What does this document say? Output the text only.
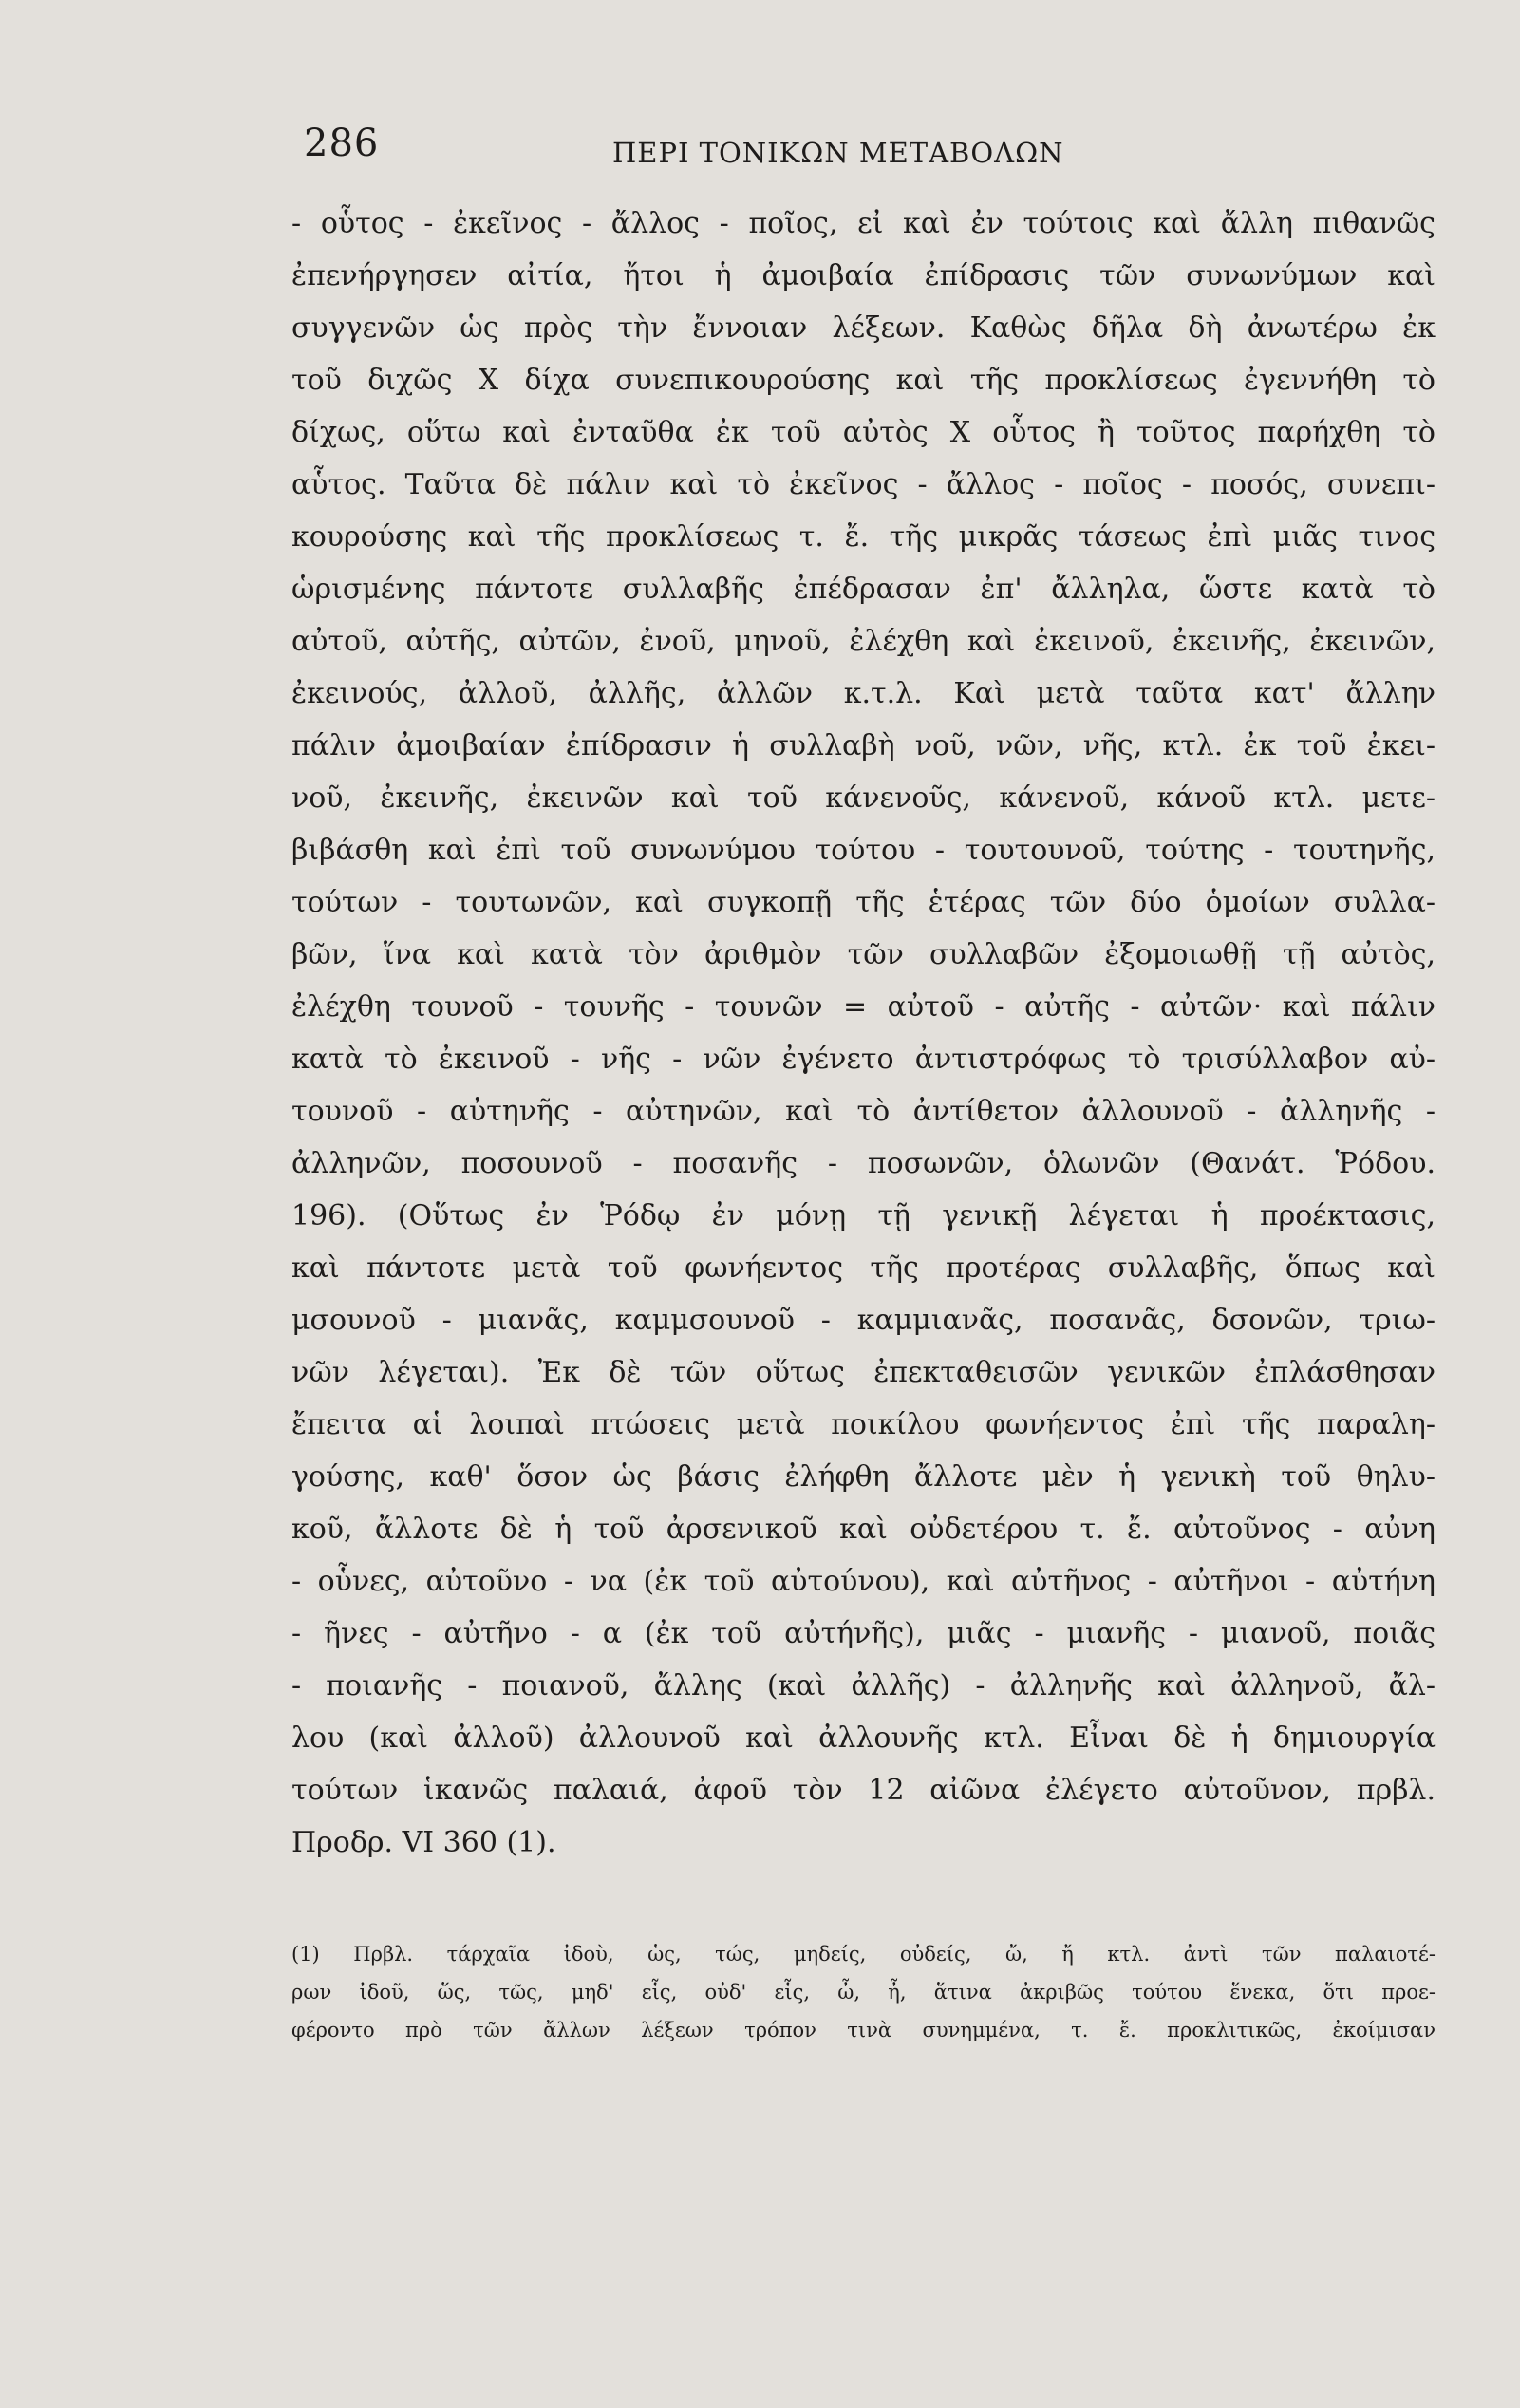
286	ΠΕΡΙ ΤΟΝΙΚΩΝ ΜΕΤΑΒΟΛΩΝ
- οὗτος - ἐκεῖνος - ἄλλος - ποῖος, εἰ καὶ ἐν τούτοις καὶ ἄλλη πιθανῶς
ἐπενήργησεν αἰτία, ἤτοι ἡ ἀμοιβαία ἐπίδρασις τῶν συνωνύμων καὶ
συγγενῶν ὡς πρὸς τὴν ἔννοιαν λέξεων. Καθὼς δῆλα δὴ ἀνωτέρω ἐκ
τοῦ διχῶς X δίχα συνεπικουρούσης καὶ τῆς προκλίσεως ἐγεννήθη τὸ
δίχως, οὕτω καὶ ἐνταῦθα ἐκ τοῦ αὐτὸς X οὗτος ἢ τοῦτος παρήχθη τὸ
αὗτος. Ταῦτα δὲ πάλιν καὶ τὸ ἐκεῖνος - ἄλλος - ποῖος - ποσός, συνεπι-
κουρούσης καὶ τῆς προκλίσεως τ. ἔ. τῆς μικρᾶς τάσεως ἐπὶ μιᾶς τινος
ὡρισμένης πάντοτε συλλαβῆς ἐπέδρασαν ἐπ' ἄλληλα, ὥστε κατὰ τὸ
αὐτοῦ, αὐτῆς, αὐτῶν, ἐνοῦ, μηνοῦ, ἐλέχθη καὶ ἐκεινοῦ, ἐκεινῆς, ἐκεινῶν,
ἐκεινούς, ἀλλοῦ, ἀλλῆς, ἀλλῶν κ.τ.λ. Καὶ μετὰ ταῦτα κατ' ἄλλην
πάλιν ἀμοιβαίαν ἐπίδρασιν ἡ συλλαβὴ νοῦ, νῶν, νῆς, κτλ. ἐκ τοῦ ἐκει-
νοῦ, ἐκεινῆς, ἐκεινῶν καὶ τοῦ κάνενοῦς, κάνενοῦ, κάνοῦ κτλ. μετε-
βιβάσθη καὶ ἐπὶ τοῦ συνωνύμου τούτου - τουτουνοῦ, τούτης - τουτηνῆς,
τούτων - τουτωνῶν, καὶ συγκοπῇ τῆς ἑτέρας τῶν δύο ὁμοίων συλλα-
βῶν, ἵνα καὶ κατὰ τὸν ἀριθμὸν τῶν συλλαβῶν ἐξομοιωθῇ τῇ αὐτὸς,
ἐλέχθη τουνοῦ - τουνῆς - τουνῶν = αὐτοῦ - αὐτῆς - αὐτῶν· καὶ πάλιν
κατὰ τὸ ἐκεινοῦ - νῆς - νῶν ἐγένετο ἀντιστρόφως τὸ τρισύλλαβον αὐ-
τουνοῦ - αὐτηνῆς - αὐτηνῶν, καὶ τὸ ἀντίθετον ἀλλουνοῦ - ἀλληνῆς -
ἀλληνῶν, ποσουνοῦ - ποσανῆς - ποσωνῶν, ὁλωνῶν (Θανάτ. Ῥόδου.
196). (Οὕτως ἐν Ῥόδῳ ἐν μόνῃ τῇ γενικῇ λέγεται ἡ προέκτασις,
καὶ πάντοτε μετὰ τοῦ φωνήεντος τῆς προτέρας συλλαβῆς, ὅπως καὶ
μσουνοῦ - μιανᾶς, καμμσουνοῦ - καμμιανᾶς, ποσανᾶς, δσονῶν, τριω-
νῶν λέγεται). Ἐκ δὲ τῶν οὕτως ἐπεκταθεισῶν γενικῶν ἐπλάσθησαν
ἔπειτα αἱ λοιπαὶ πτώσεις μετὰ ποικίλου φωνήεντος ἐπὶ τῆς παραλη-
γούσης, καθ' ὅσον ὡς βάσις ἐλήφθη ἄλλοτε μὲν ἡ γενικὴ τοῦ θηλυ-
κοῦ, ἄλλοτε δὲ ἡ τοῦ ἀρσενικοῦ καὶ οὐδετέρου τ. ἔ. αὐτοῦνος - αὐνη
- οὗνες, αὐτοῦνο - να (ἐκ τοῦ αὐτούνου), καὶ αὐτῆνος - αὐτῆνοι - αὐτήνη
- ῆνες - αὐτῆνο - α (ἐκ τοῦ αὐτήνῆς), μιᾶς - μιανῆς - μιανοῦ, ποιᾶς
- ποιανῆς - ποιανοῦ, ἄλλης (καὶ ἀλλῆς) - ἀλληνῆς καὶ ἀλληνοῦ, ἄλ-
λου (καὶ ἀλλοῦ) ἀλλουνοῦ καὶ ἀλλουνῆς κτλ. Εἶναι δὲ ἡ δημιουργία
τούτων ἱκανῶς παλαιά, ἀφοῦ τὸν 12 αἰῶνα ἐλέγετο αὐτοῦνον, πρβλ.
Προδρ. VI 360 (1).
(1) Πρβλ. τάρχαῖα ἰδοὺ, ὡς, τώς, μηδείς, οὐδείς, ὤ, ἤ κτλ. ἀντὶ τῶν παλαιοτέ-
ρων ἰδοῦ, ὥς, τῶς, μηδ' εἷς, οὐδ' εἷς, ὦ, ἦ, ἅτινα ἀκριβῶς τούτου ἕνεκα, ὅτι προε-
φέροντο πρὸ τῶν ἄλλων λέξεων τρόπον τινὰ συνημμένα, τ. ἔ. προκλιτικῶς, ἐκοίμισαν
